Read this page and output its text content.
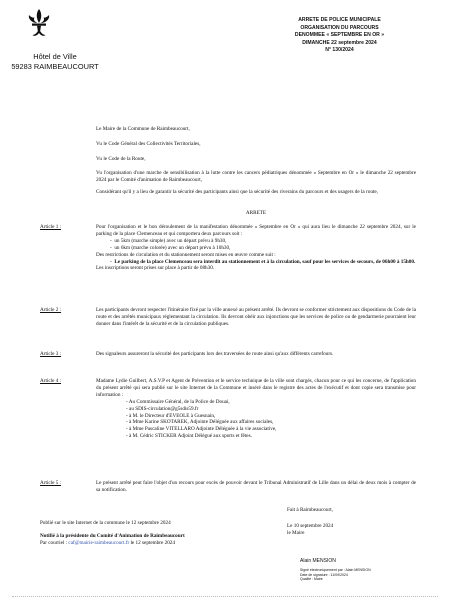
Hôtel de Ville
59283 RAIMBEAUCOURT
ARRETE DE POLICE MUNICIPALE
ORGANISATION DU PARCOURS
DENOMMEE « SEPTEMBRE EN OR »
DIMANCHE 22 septembre 2024
N° 130/2024
Le Maire de la Commune de Raimbeaucourt,
Vu le Code Général des Collectivités Territoriales,
Vu le Code de la Route,
Vu l'organisation d'une marche de sensibilisation à la lutte contre les cancers pédiatriques dénommée « Septembre en Or » le dimanche 22 septembre 2024 par le Comité d'animation de Raimbeaucourt,
Considérant qu'il y a lieu de garantir la sécurité des participants ainsi que la sécurité des riverains du parcours et des usagers de la route,
ARRETE
Article 1 :	Pour l'organisation et le bon déroulement de la manifestation dénommée « Septembre en Or » qui aura lieu le dimanche 22 septembre 2024, sur le parking de la place Clemenceau et qui comportera deux parcours soit :
-  un 5km (marche simple) avec un départ prévu à 9h30,
-  un 6km (marche colorée) avec un départ prévu à 10h30,
Des restrictions de circulation et du stationnement seront mises en œuvre comme suit :
-  Le parking de la place Clemenceau sera interdit au stationnement et à la circulation, sauf pour les services de secours, de 06h00 à 15h00.
Les inscriptions seront prises sur place à partir de 08h30.
Article 2 :	Les participants devront respecter l'itinéraire fixé par la ville annexé au présent arrêté. Ils devront se conformer strictement aux dispositions du Code de la route et des arrêtés municipaux réglementant la circulation. Ils devront obéir aux injonctions que les services de police ou de gendarmerie pourraient leur donner dans l'intérêt de la sécurité et de la circulation publiques.
Article 3 :	Des signaleurs assureront la sécurité des participants lors des traversées de route ainsi qu'aux différents carrefours.
Article 4 :	Madame Lydie Guilbert, A.S.V.P et Agent de Prévention et le service technique de la ville sont chargés, chacun pour ce qui les concerne, de l'application du présent arrêté qui sera publié sur le site Internet de la Commune et inséré dans le registre des actes de l'exécutif et dont copie sera transmise pour information :
- Au Commissaire Général, de la Police de Douai,
- au SDIS-circulation@g5sdis59.fr
- à M. le Directeur d'EVEOLE à Guesnain,
- à Mme Karine SKOTAREK, Adjointe Déléguée aux affaires sociales,
- à Mme Pascaline VITELLARO Adjointe Déléguée à la vie associative,
- à M. Cédric STICKER Adjoint Délégué aux sports et fêtes.
Article 5 :	Le présent arrêté peut faire l'objet d'un recours pour excès de pouvoir devant le Tribunal Administratif de Lille dans un délai de deux mois à compter de sa notification.
Fait à Raimbeaucourt,
Publié sur le site Internet de la commune le 12 septembre 2024	Le 10 septembre 2024
le Maire
Notifié à la présidente du Comité d'Animation de Raimbeaucourt
Par courriel : caf@mairie-raimbeaucourt.fr le 12 septembre 2024
Alain MENSION
Signé électroniquement par : Alain MENSION
Date de signature : 11/09/2024
Qualité : Maire
